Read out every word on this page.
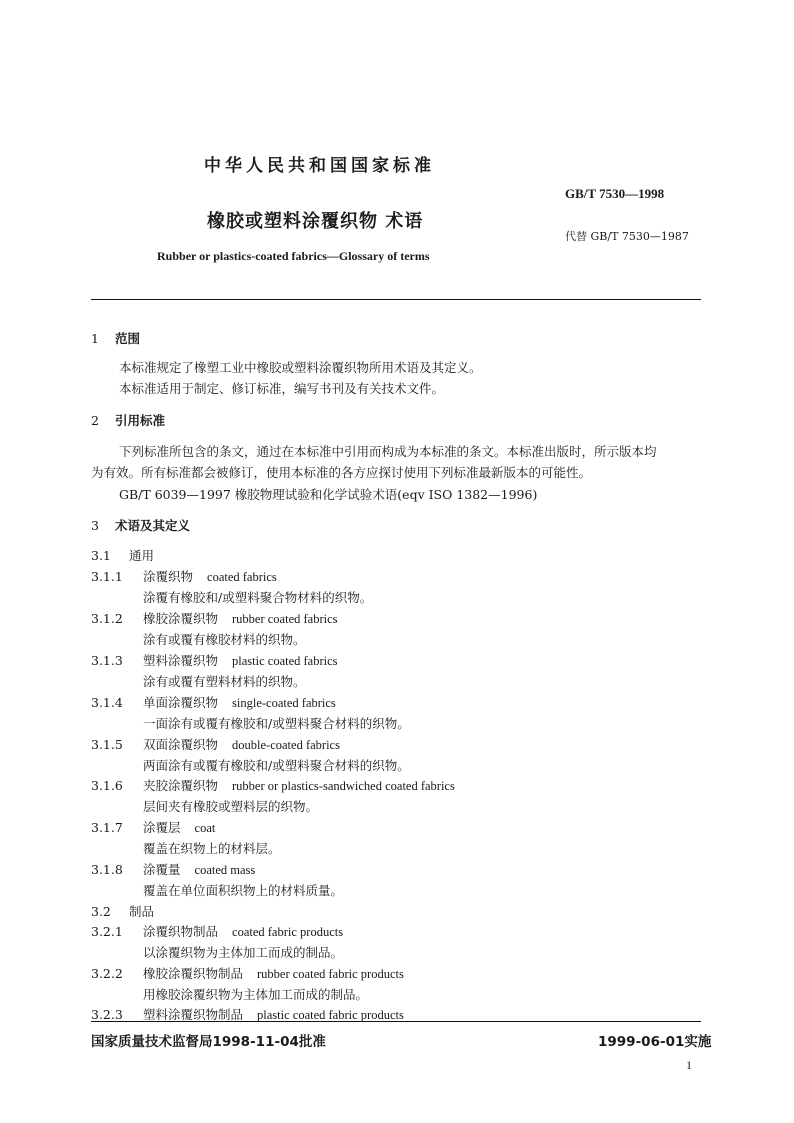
中华人民共和国国家标准
GB/T 7530—1998
橡胶或塑料涂覆织物 术语
代替 GB/T 7530—1987
Rubber or plastics-coated fabrics—Glossary of terms
1 范围
本标准规定了橡塑工业中橡胶或塑料涂覆织物所用术语及其定义。
本标准适用于制定、修订标准，编写书刊及有关技术文件。
2 引用标准
下列标准所包含的条文，通过在本标准中引用而构成为本标准的条文。本标准出版时，所示版本均
为有效。所有标准都会被修订，使用本标准的各方应探讨使用下列标准最新版本的可能性。
GB/T 6039—1997 橡胶物理试验和化学试验术语(eqv ISO 1382—1996)
3 术语及其定义
3.1 通用
3.1.1 涂覆织物 coated fabrics
涂覆有橡胶和/或塑料聚合物材料的织物。
3.1.2 橡胶涂覆织物 rubber coated fabrics
涂有或覆有橡胶材料的织物。
3.1.3 塑料涂覆织物 plastic coated fabrics
涂有或覆有塑料材料的织物。
3.1.4 单面涂覆织物 single-coated fabrics
一面涂有或覆有橡胶和/或塑料聚合材料的织物。
3.1.5 双面涂覆织物 double-coated fabrics
两面涂有或覆有橡胶和/或塑料聚合材料的织物。
3.1.6 夹胶涂覆织物 rubber or plastics-sandwiched coated fabrics
层间夹有橡胶或塑料层的织物。
3.1.7 涂覆层 coat
覆盖在织物上的材料层。
3.1.8 涂覆量 coated mass
覆盖在单位面积织物上的材料质量。
3.2 制品
3.2.1 涂覆织物制品 coated fabric products
以涂覆织物为主体加工而成的制品。
3.2.2 橡胶涂覆织物制品 rubber coated fabric products
用橡胶涂覆织物为主体加工而成的制品。
3.2.3 塑料涂覆织物制品 plastic coated fabric products
国家质量技术监督局1998-11-04批准	1999-06-01实施
1
